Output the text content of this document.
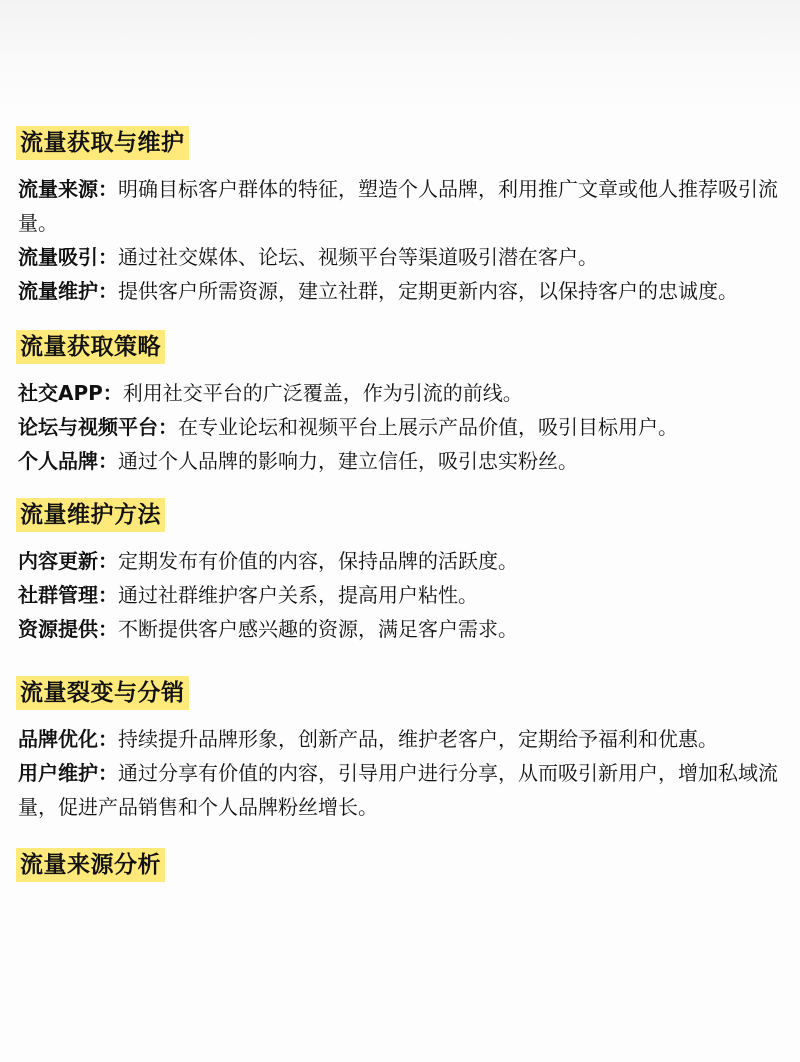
流量获取与维护

流量来源：明确目标客户群体的特征，塑造个人品牌，利用推广文章或他人推荐吸引流量。

流量吸引：通过社交媒体、论坛、视频平台等渠道吸引潜在客户。

流量维护：提供客户所需资源，建立社群，定期更新内容，以保持客户的忠诚度。

流量获取策略

社交APP：利用社交平台的广泛覆盖，作为引流的前线。

论坛与视频平台：在专业论坛和视频平台上展示产品价值，吸引目标用户。

个人品牌：通过个人品牌的影响力，建立信任，吸引忠实粉丝。

流量维护方法

内容更新：定期发布有价值的内容，保持品牌的活跃度。

社群管理：通过社群维护客户关系，提高用户粘性。

资源提供：不断提供客户感兴趣的资源，满足客户需求。

流量裂变与分销

品牌优化：持续提升品牌形象，创新产品，维护老客户，定期给予福利和优惠。

用户维护：通过分享有价值的内容，引导用户进行分享，从而吸引新用户，增加私域流量，促进产品销售和个人品牌粉丝增长。

流量来源分析
